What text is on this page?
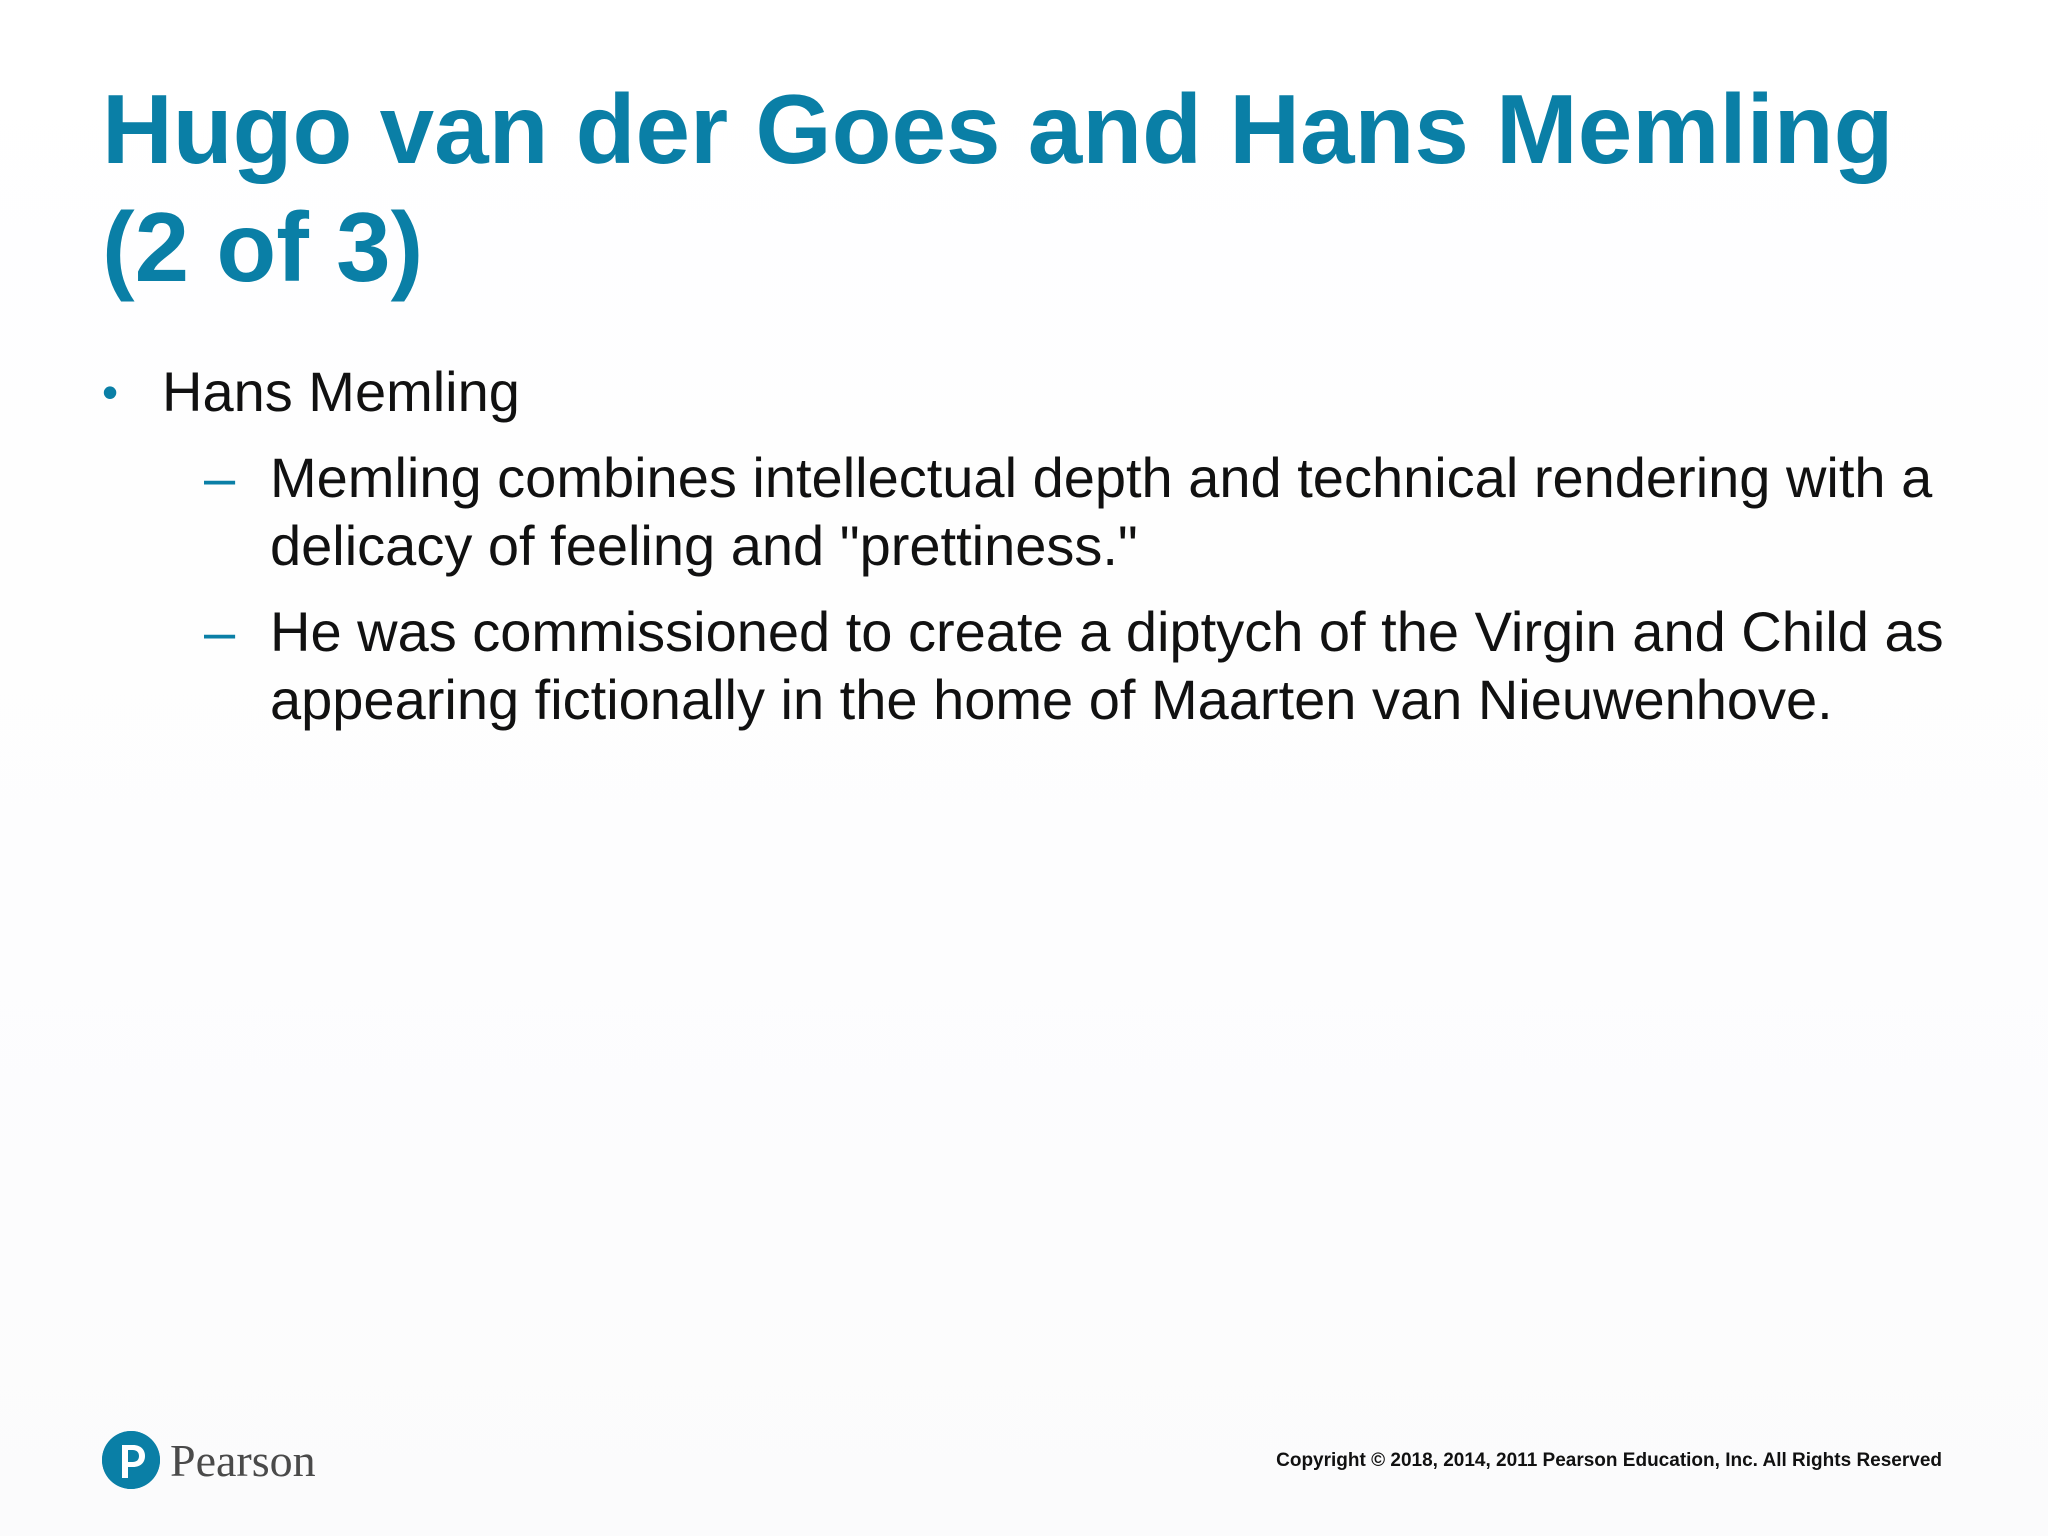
Hugo van der Goes and Hans Memling
(2 of 3)
• Hans Memling
– Memling combines intellectual depth and technical rendering with a delicacy of feeling and "prettiness."
– He was commissioned to create a diptych of the Virgin and Child as appearing fictionally in the home of Maarten van Nieuwenhove.
Pearson	Copyright © 2018, 2014, 2011 Pearson Education, Inc. All Rights Reserved
